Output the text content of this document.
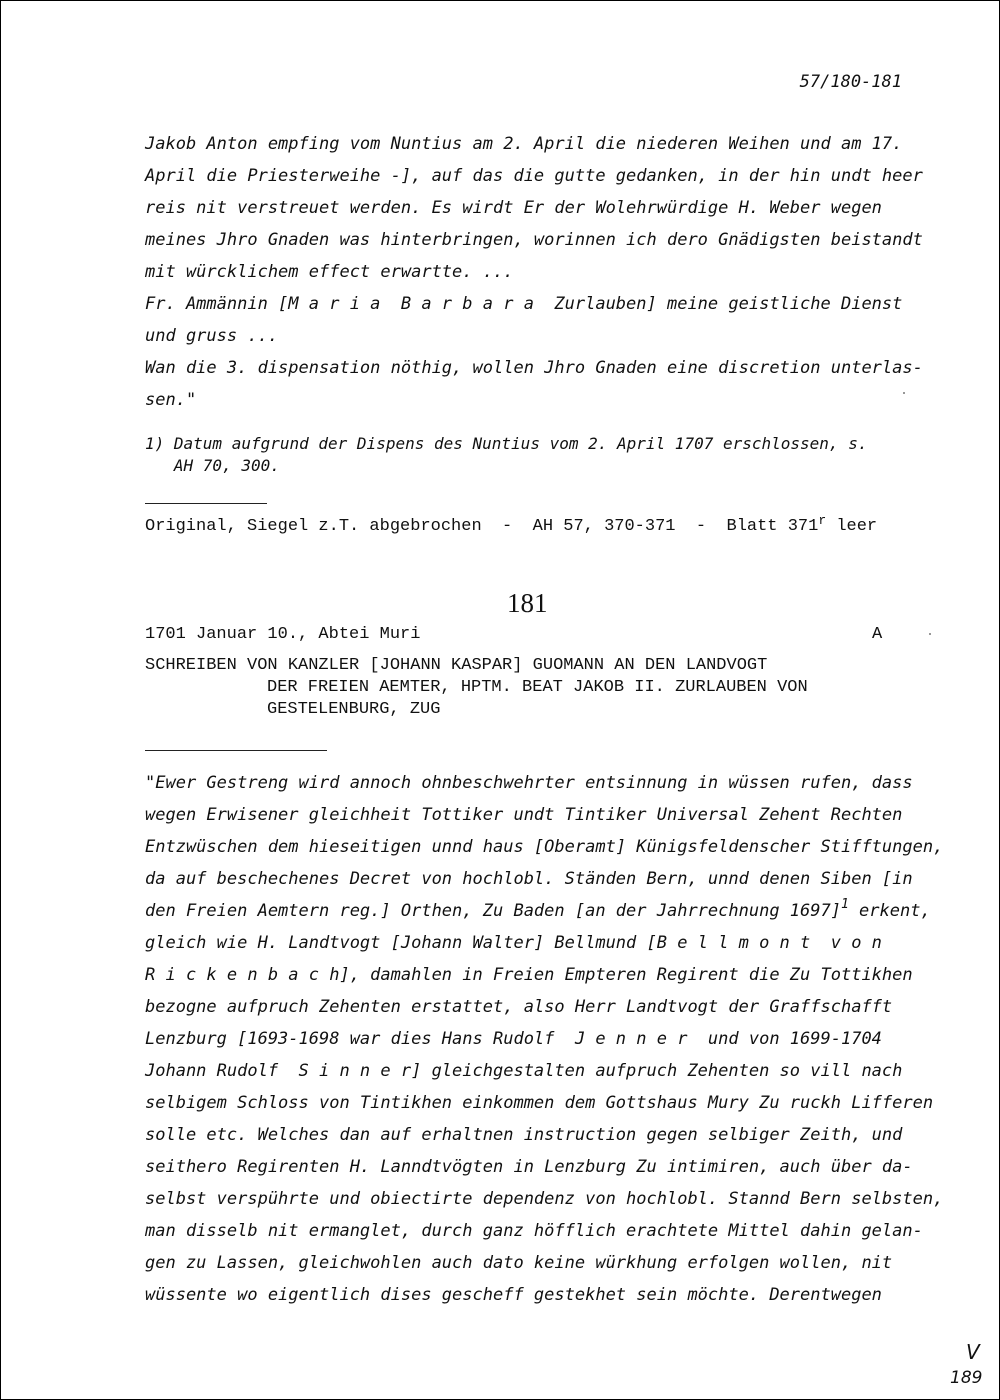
57/180-181
Jakob Anton empfing vom Nuntius am 2. April die niederen Weihen und am 17.
April die Priesterweihe -], auf das die gutte gedanken, in der hin undt heer
reis nit verstreuet werden. Es wirdt Er der Wolehrwürdige H. Weber wegen
meines Jhro Gnaden was hinterbringen, worinnen ich dero Gnädigsten beistandt
mit würcklichem effect erwartte. ...
Fr. Ammännin [M a r i a  B a r b a r a  Zurlauben] meine geistliche Dienst
und gruss ...
Wan die 3. dispensation nöthig, wollen Jhro Gnaden eine discretion unterlas-
sen."
1) Datum aufgrund der Dispens des Nuntius vom 2. April 1707 erschlossen, s.
AH 70, 300.
Original, Siegel z.T. abgebrochen  -  AH 57, 370-371  -  Blatt 371$^r$ leer
181
1701 Januar 10., Abtei Muri	A
SCHREIBEN VON KANZLER [JOHANN KASPAR] GUOMANN AN DEN LANDVOGT
DER FREIEN AEMTER, HPTM. BEAT JAKOB II. ZURLAUBEN VON
GESTELENBURG, ZUG
"Ewer Gestreng wird annoch ohnbeschwehrter entsinnung in wüssen rufen, dass
wegen Erwisener gleichheit Tottiker undt Tintiker Universal Zehent Rechten
Entzwüschen dem hieseitigen unnd haus [Oberamt] Künigsfeldenscher Stifftungen,
da auf beschechenes Decret von hochlobl. Ständen Bern, unnd denen Siben [in
den Freien Aemtern reg.] Orthen, Zu Baden [an der Jahrrechnung 1697]$^1$ erkent,
gleich wie H. Landtvogt [Johann Walter] Bellmund [B e l l m o n t  v o n
R i c k e n b a c h], damahlen in Freien Empteren Regirent die Zu Tottikhen
bezogne aufpruch Zehenten erstattet, also Herr Landtvogt der Graffschafft
Lenzburg [1693-1698 war dies Hans Rudolf  J e n n e r  und von 1699-1704
Johann Rudolf  S i n n e r] gleichgestalten aufpruch Zehenten so vill nach
selbigem Schloss von Tintikhen einkommen dem Gottshaus Mury Zu ruckh Lifferen
solle etc. Welches dan auf erhaltnen instruction gegen selbiger Zeith, und
seithero Regirenten H. Lanndtvögten in Lenzburg Zu intimiren, auch über da-
selbst verspührte und obiectirte dependenz von hochlobl. Stannd Bern selbsten,
man disselb nit ermanglet, durch ganz höfflich erachtete Mittel dahin gelan-
gen zu Lassen, gleichwohlen auch dato keine würkhung erfolgen wollen, nit
wüssente wo eigentlich dises gescheff gestekhet sein möchte. Derentwegen
V
189
